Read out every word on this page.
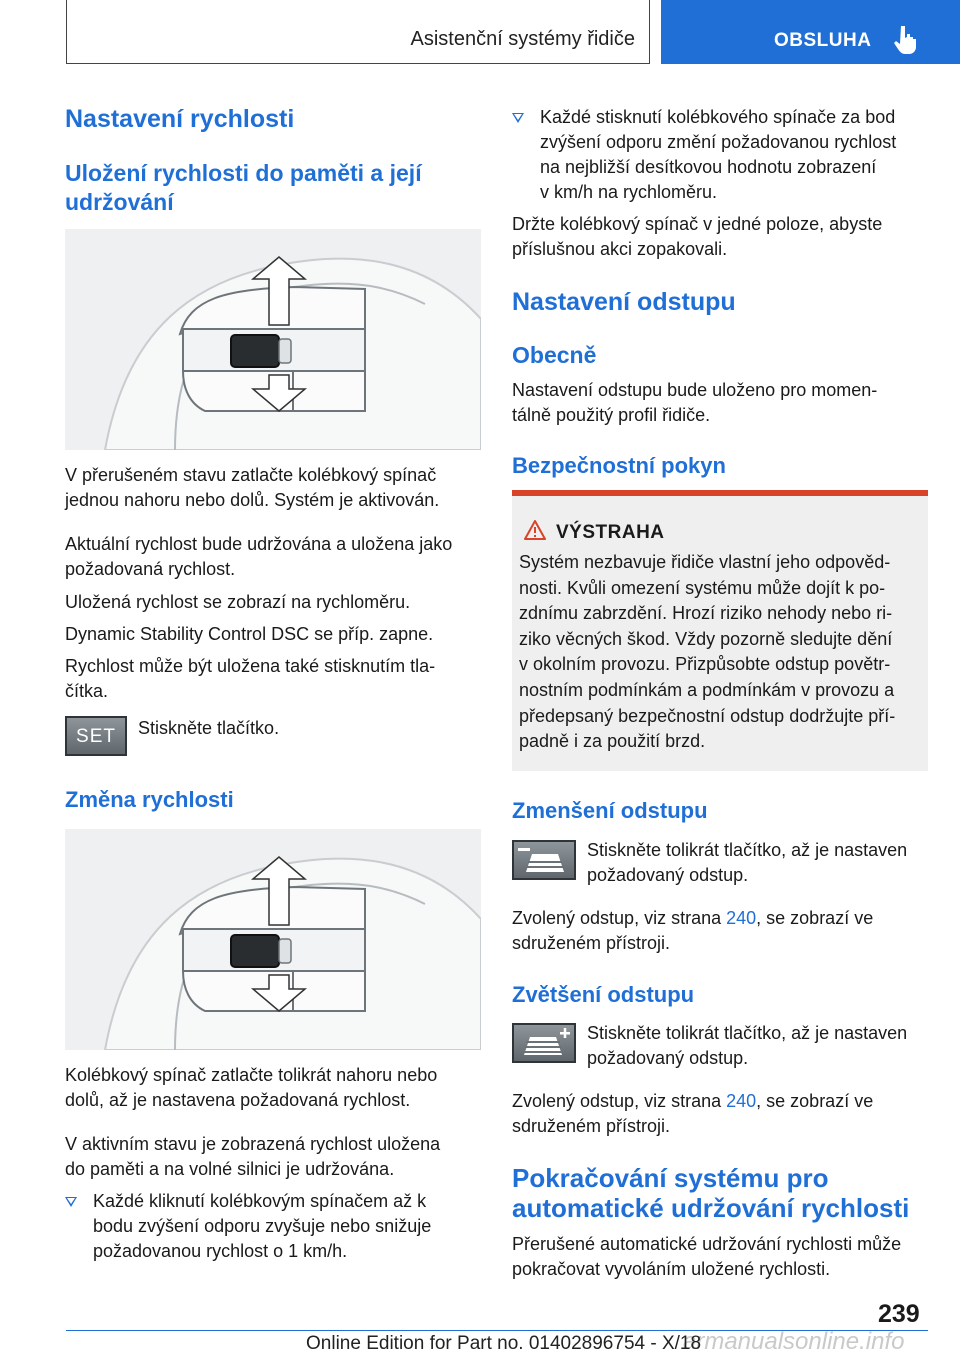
Asistenční systémy řidiče	OBSLUHA
Nastavení rychlosti
Uložení rychlosti do paměti a její
udržování
V přerušeném stavu zatlačte kolébkový spínač
jednou nahoru nebo dolů. Systém je aktivován.
Aktuální rychlost bude udržována a uložena jako
požadovaná rychlost.
Uložená rychlost se zobrazí na rychloměru.
Dynamic Stability Control DSC se příp. zapne.
Rychlost může být uložena také stisknutím tla-
čítka.
SET	Stiskněte tlačítko.
Změna rychlosti
Kolébkový spínač zatlačte tolikrát nahoru nebo
dolů, až je nastavena požadovaná rychlost.
V aktivním stavu je zobrazená rychlost uložena
do paměti a na volné silnici je udržována.
Každé kliknutí kolébkovým spínačem až k
bodu zvýšení odporu zvyšuje nebo snižuje
požadovanou rychlost o 1 km/h.
Každé stisknutí kolébkového spínače za bod
zvýšení odporu změní požadovanou rychlost
na nejbližší desítkovou hodnotu zobrazení
v km/h na rychloměru.
Držte kolébkový spínač v jedné poloze, abyste
příslušnou akci zopakovali.
Nastavení odstupu
Obecně
Nastavení odstupu bude uloženo pro momen-
tálně použitý profil řidiče.
Bezpečnostní pokyn
VÝSTRAHA
Systém nezbavuje řidiče vlastní jeho odpověd-
nosti. Kvůli omezení systému může dojít k po-
zdnímu zabrzdění. Hrozí riziko nehody nebo ri-
ziko věcných škod. Vždy pozorně sledujte dění
v okolním provozu. Přizpůsobte odstup povětr-
nostním podmínkám a podmínkám v provozu a
předepsaný bezpečnostní odstup dodržujte pří-
padně i za použití brzd.
Zmenšení odstupu
Stiskněte tolikrát tlačítko, až je nastaven
požadovaný odstup.
Zvolený odstup, viz strana 240, se zobrazí ve
sdruženém přístroji.
Zvětšení odstupu
Stiskněte tolikrát tlačítko, až je nastaven
požadovaný odstup.
Zvolený odstup, viz strana 240, se zobrazí ve
sdruženém přístroji.
Pokračování systému pro
automatické udržování rychlosti
Přerušené automatické udržování rychlosti může
pokračovat vyvoláním uložené rychlosti.
239
armanualsonline.info
Online Edition for Part no. 01402896754 - X/18
